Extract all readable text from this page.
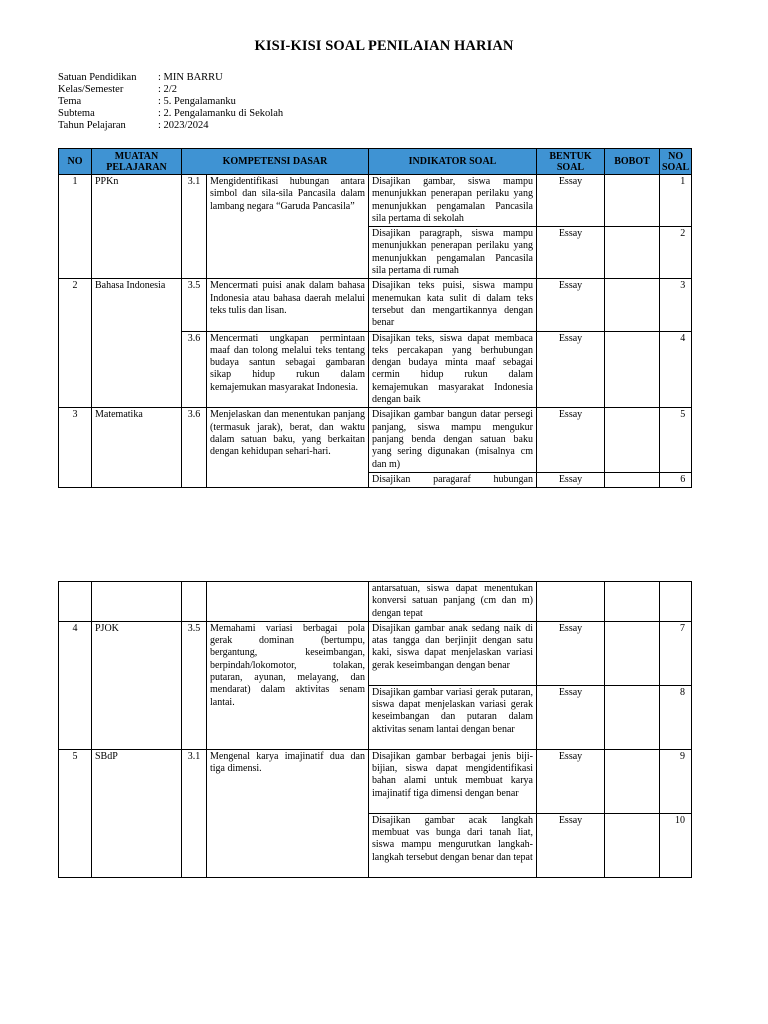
KISI-KISI SOAL PENILAIAN HARIAN
Satuan Pendidikan	: MIN BARRU
Kelas/Semester	: 2/2
Tema	: 5. Pengalamanku
Subtema	: 2. Pengalamanku di Sekolah
Tahun Pelajaran	: 2023/2024
NO	MUATAN PELAJARAN	KOMPETENSI DASAR		INDIKATOR SOAL	BENTUK SOAL	BOBOT	NO SOAL
1	PPKn	3.1	Mengidentifikasi hubungan antara simbol dan sila-sila Pancasila dalam lambang negara “Garuda Pancasila”	Disajikan gambar, siswa mampu menunjukkan penerapan perilaku yang menunjukkan pengamalan Pancasila sila pertama di sekolah	Essay		1
				Disajikan paragraph, siswa mampu menunjukkan penerapan perilaku yang menunjukkan pengamalan Pancasila sila pertama di rumah	Essay		2
2	Bahasa Indonesia	3.5	Mencermati puisi anak dalam bahasa Indonesia atau bahasa daerah melalui teks tulis dan lisan.	Disajikan teks puisi, siswa mampu menemukan kata sulit di dalam teks tersebut dan mengartikannya dengan benar	Essay		3
		3.6	Mencermati ungkapan permintaan maaf dan tolong melalui teks tentang budaya santun sebagai gambaran sikap hidup rukun dalam kemajemukan masyarakat Indonesia.	Disajikan teks, siswa dapat membaca teks percakapan yang berhubungan dengan budaya minta maaf sebagai cermin hidup rukun dalam kemajemukan masyarakat Indonesia dengan baik	Essay		4
3	Matematika	3.6	Menjelaskan dan menentukan panjang (termasuk jarak), berat, dan waktu dalam satuan baku, yang berkaitan dengan kehidupan sehari-hari.	Disajikan gambar bangun datar persegi panjang, siswa mampu mengukur panjang benda dengan satuan baku yang sering digunakan (misalnya cm dan m)	Essay		5
				Disajikan paragaraf hubungan	Essay		6
				antarsatuan, siswa dapat menentukan konversi satuan panjang (cm dan m) dengan tepat			
4	PJOK	3.5	Memahami variasi berbagai pola gerak dominan (bertumpu, bergantung, keseimbangan, berpindah/lokomotor, tolakan, putaran, ayunan, melayang, dan mendarat) dalam aktivitas senam lantai.	Disajikan gambar anak sedang naik di atas tangga dan berjinjit dengan satu kaki, siswa dapat menjelaskan variasi gerak keseimbangan dengan benar	Essay		7
				Disajikan gambar variasi gerak putaran, siswa dapat menjelaskan variasi gerak keseimbangan dan putaran dalam aktivitas senam lantai dengan benar	Essay		8
5	SBdP	3.1	Mengenal karya imajinatif dua dan tiga dimensi.	Disajikan gambar berbagai jenis biji-bijian, siswa dapat mengidentifikasi bahan alami untuk membuat karya imajinatif tiga dimensi dengan benar	Essay		9
				Disajikan gambar acak langkah membuat vas bunga dari tanah liat, siswa mampu mengurutkan langkah-langkah tersebut dengan benar dan tepat	Essay		10
